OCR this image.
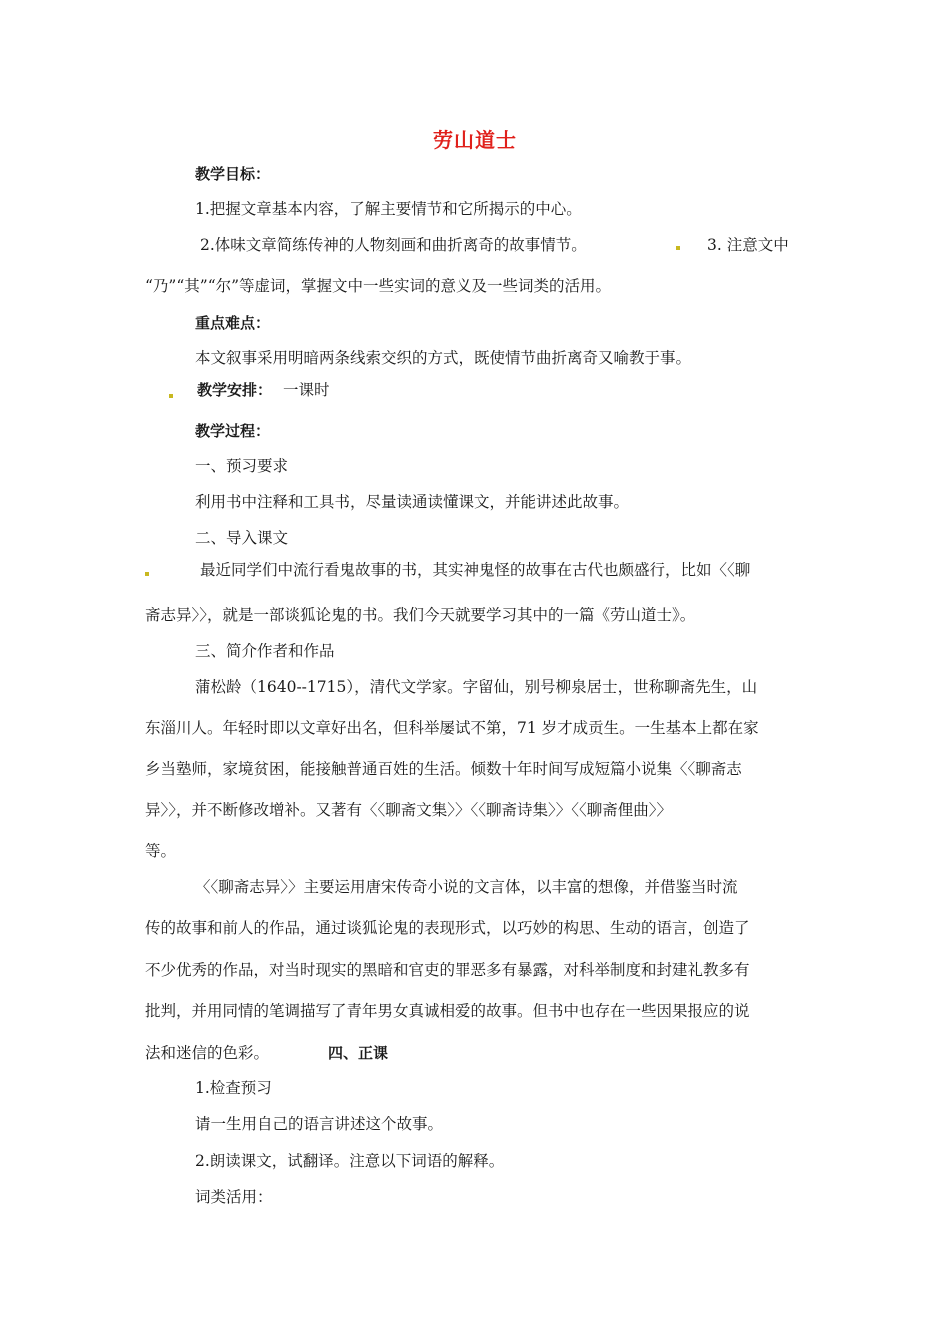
劳山道士
教学目标：
1.把握文章基本内容，了解主要情节和它所揭示的中心。
2.体味文章简练传神的人物刻画和曲折离奇的故事情节。	3. 注意文中
“乃”“其”“尔”等虚词，掌握文中一些实词的意义及一些词类的活用。
重点难点：
本文叙事采用明暗两条线索交织的方式，既使情节曲折离奇又喻教于事。
教学安排： 一课时
教学过程：
一、预习要求
利用书中注释和工具书，尽量读通读懂课文，并能讲述此故事。
二、导入课文
最近同学们中流行看鬼故事的书，其实神鬼怪的故事在古代也颇盛行，比如〈〈聊
斋志异〉〉，就是一部谈狐论鬼的书。我们今天就要学习其中的一篇《劳山道士》。
三、简介作者和作品
蒲松龄（1640--1715），清代文学家。字留仙，别号柳泉居士，世称聊斋先生，山
东淄川人。年轻时即以文章好出名，但科举屡试不第，71 岁才成贡生。一生基本上都在家
乡当塾师，家境贫困，能接触普通百姓的生活。倾数十年时间写成短篇小说集〈〈聊斋志
异〉〉，并不断修改增补。又著有〈〈聊斋文集〉〉〈〈聊斋诗集〉〉〈〈聊斋俚曲〉〉
等。
〈〈聊斋志异〉〉主要运用唐宋传奇小说的文言体，以丰富的想像，并借鉴当时流
传的故事和前人的作品，通过谈狐论鬼的表现形式，以巧妙的构思、生动的语言，创造了
不少优秀的作品，对当时现实的黑暗和官吏的罪恶多有暴露，对科举制度和封建礼教多有
批判，并用同情的笔调描写了青年男女真诚相爱的故事。但书中也存在一些因果报应的说
法和迷信的色彩。	四、正课
1.检查预习
请一生用自己的语言讲述这个故事。
2.朗读课文，试翻译。注意以下词语的解释。
词类活用：
